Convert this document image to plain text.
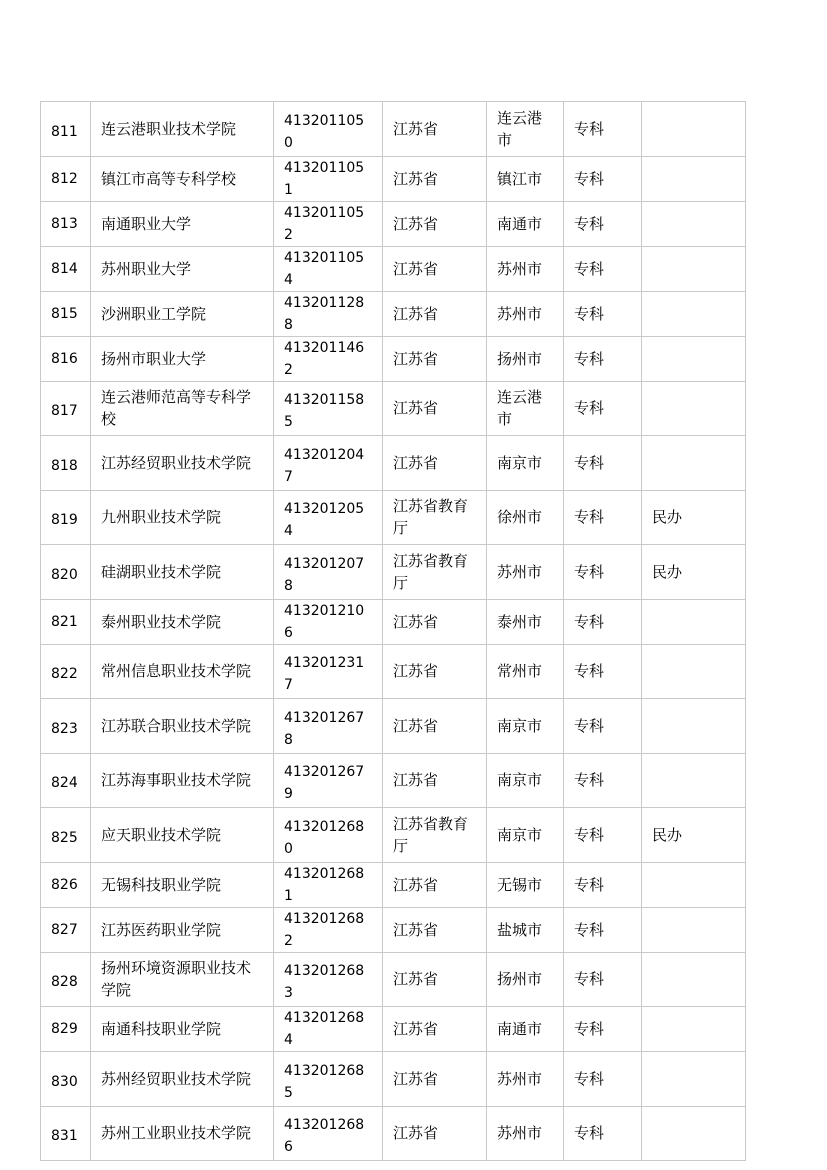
811	连云港职业技术学院	4132011050	江苏省	连云港市	专科	
812	镇江市高等专科学校	4132011051	江苏省	镇江市	专科	
813	南通职业大学	4132011052	江苏省	南通市	专科	
814	苏州职业大学	4132011054	江苏省	苏州市	专科	
815	沙洲职业工学院	4132011288	江苏省	苏州市	专科	
816	扬州市职业大学	4132011462	江苏省	扬州市	专科	
817	连云港师范高等专科学校	4132011585	江苏省	连云港市	专科	
818	江苏经贸职业技术学院	4132012047	江苏省	南京市	专科	
819	九州职业技术学院	4132012054	江苏省教育厅	徐州市	专科	民办
820	硅湖职业技术学院	4132012078	江苏省教育厅	苏州市	专科	民办
821	泰州职业技术学院	4132012106	江苏省	泰州市	专科	
822	常州信息职业技术学院	4132012317	江苏省	常州市	专科	
823	江苏联合职业技术学院	4132012678	江苏省	南京市	专科	
824	江苏海事职业技术学院	4132012679	江苏省	南京市	专科	
825	应天职业技术学院	4132012680	江苏省教育厅	南京市	专科	民办
826	无锡科技职业学院	4132012681	江苏省	无锡市	专科	
827	江苏医药职业学院	4132012682	江苏省	盐城市	专科	
828	扬州环境资源职业技术学院	4132012683	江苏省	扬州市	专科	
829	南通科技职业学院	4132012684	江苏省	南通市	专科	
830	苏州经贸职业技术学院	4132012685	江苏省	苏州市	专科	
831	苏州工业职业技术学院	4132012686	江苏省	苏州市	专科	
